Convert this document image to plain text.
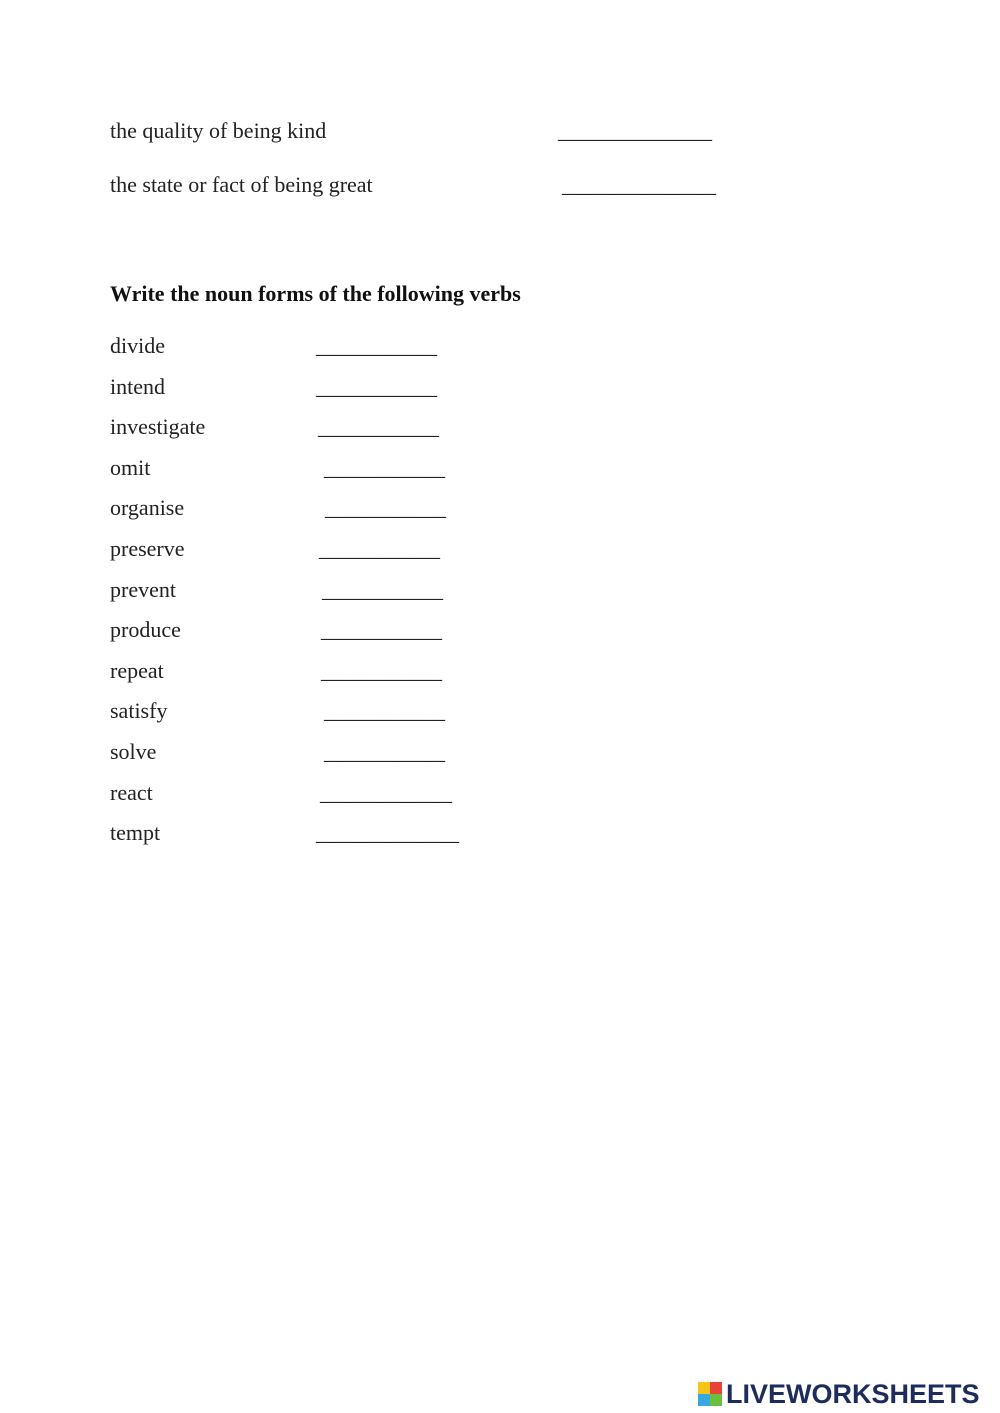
the quality of being kind	______________
the state or fact of being great	______________
Write the noun forms of the following verbs
divide	___________
intend	___________
investigate	___________
omit	___________
organise	___________
preserve	___________
prevent	___________
produce	___________
repeat	___________
satisfy	___________
solve	___________
react	____________
tempt	_____________
LIVEWORKSHEETS
